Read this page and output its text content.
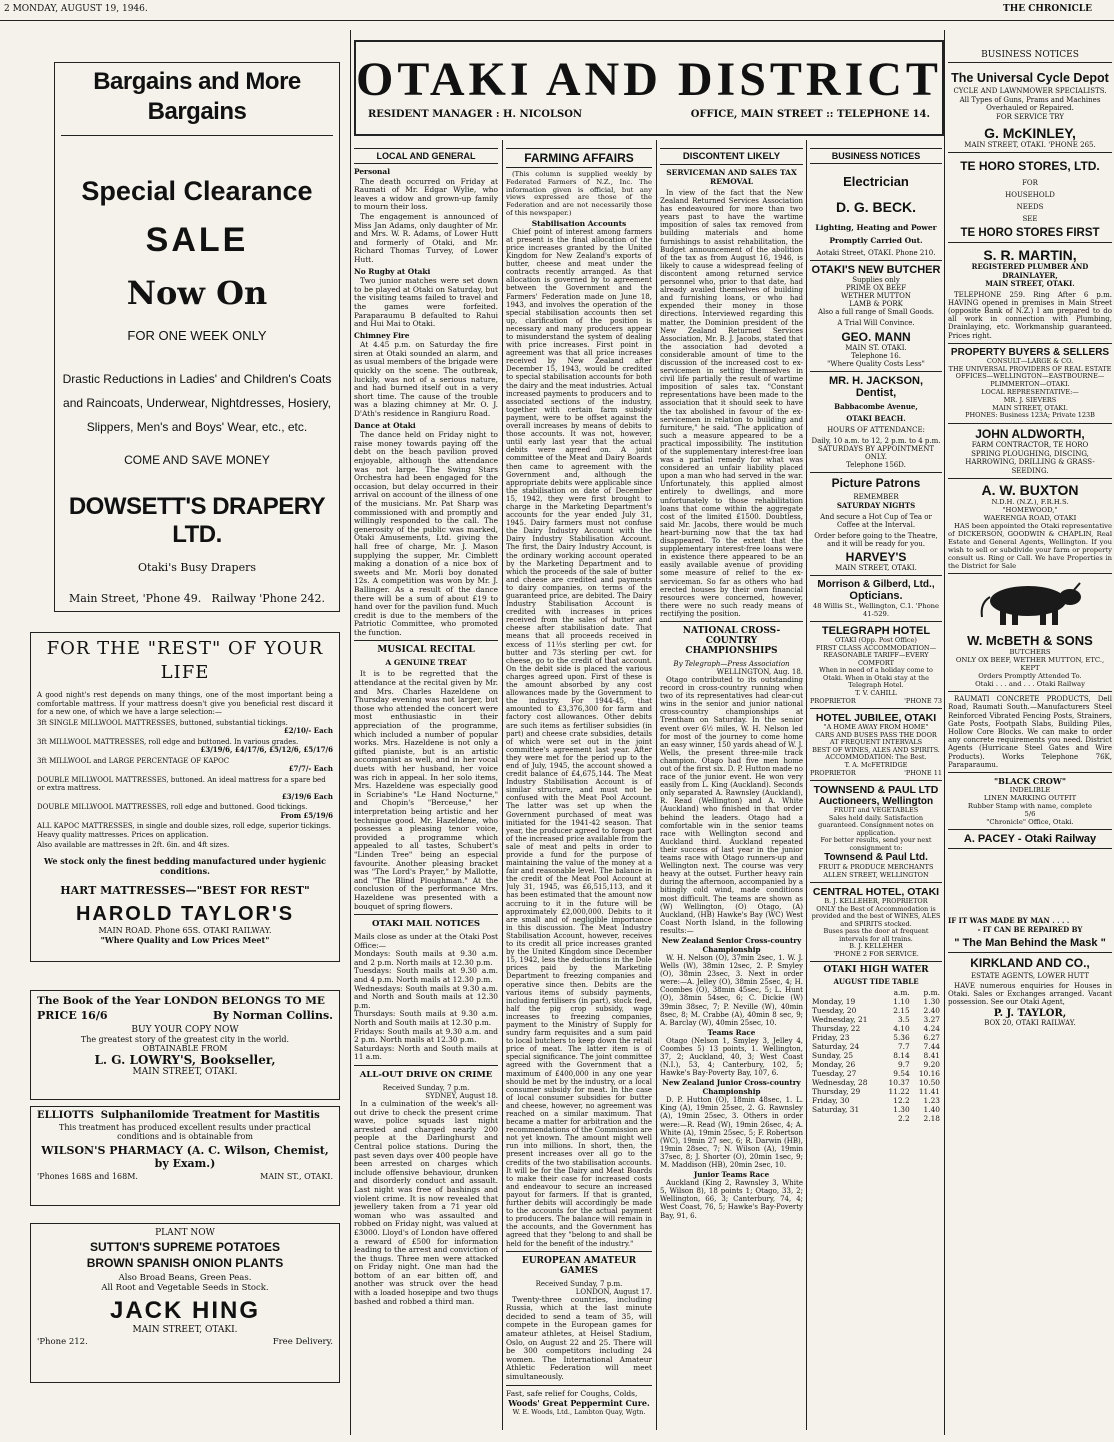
2 MONDAY, AUGUST 19, 1946.	THE CHRONICLE
Bargains and More Bargains
Special Clearance
SALE
Now On
FOR ONE WEEK ONLY
Drastic Reductions in Ladies' and Children's Coats and Raincoats, Underwear, Nightdresses, Hosiery, Slippers, Men's and Boys' Wear, etc., etc.
COME AND SAVE MONEY
DOWSETT'S DRAPERY LTD.
Otaki's Busy Drapers
Main Street, 'Phone 49. Railway 'Phone 242.
FOR THE "REST" OF YOUR LIFE
A good night's rest depends on many things, one of the most important being a comfortable mattress. If your mattress doesn't give you beneficial rest discard it for a new one, of which we have a large selection:—
3ft SINGLE MILLWOOL MATTRESSES, buttoned, substantial tickings.
£2/10/- Each
3ft MILLWOOL MATTRESSES, roll edge and buttoned. In various grades.
£3/19/6, £4/17/6, £5/12/6, £5/17/6
3ft MILLWOOL and LARGE PERCENTAGE OF KAPOC
£7/7/- Each
DOUBLE MILLWOOL MATTRESSES, buttoned. An ideal mattress for a spare bed or extra mattress.
£3/19/6 Each
DOUBLE MILLWOOL MATTRESSES, roll edge and buttoned. Good tickings.
From £5/19/6
ALL KAPOC MATTRESSES, in single and double sizes, roll edge, superior tickings. Heavy quality mattresses. Prices on application.
Also available are mattresses in 2ft. 6in. and 4ft sizes.
We stock only the finest bedding manufactured under hygienic conditions.
HART MATTRESSES—"BEST FOR REST"
HAROLD TAYLOR'S
MAIN ROAD. Phone 65S. OTAKI RAILWAY.
"Where Quality and Low Prices Meet"
The Book of the Year LONDON BELONGS TO ME
PRICE 16/6	By Norman Collins.
BUY YOUR COPY NOW
The greatest story of the greatest city in the world.
OBTAINABLE FROM
L. G. LOWRY'S, Bookseller,
MAIN STREET, OTAKI.
ELLIOTTS Sulphanilomide Treatment for Mastitis
This treatment has produced excellent results under practical conditions and is obtainable from
WILSON'S PHARMACY (A. C. Wilson, Chemist, by Exam.)
'Phones 168S and 168M.	MAIN ST., OTAKI.
PLANT NOW
SUTTON'S SUPREME POTATOES
BROWN SPANISH ONION PLANTS
Also Broad Beans, Green Peas.
All Root and Vegetable Seeds in Stock.
JACK HING
MAIN STREET, OTAKI.
'Phone 212.	Free Delivery.
OTAKI AND DISTRICT
RESIDENT MANAGER : H. NICOLSON	OFFICE, MAIN STREET :: TELEPHONE 14.
LOCAL AND GENERAL

Personal

The death occurred on Friday at Raumati of Mr. Edgar Wylie, who leaves a widow and grown-up family to mourn their loss.

The engagement is announced of Miss Jan Adams, only daughter of Mr. and Mrs. W. R. Adams, of Lower Hutt and formerly of Otaki, and Mr. Richard Thomas Turvey, of Lower Hutt.

No Rugby at Otaki

Two junior matches were set down to be played at Otaki on Saturday, but the visiting teams failed to travel and the games were forfeited. Paraparaumu B defaulted to Rahui and Hui Mai to Otaki.

Chimney Fire

At 4.45 p.m. on Saturday the fire siren at Otaki sounded an alarm, and as usual members of the brigade were quickly on the scene. The outbreak, luckily, was not of a serious nature, and had burned itself out in a very short time. The cause of the trouble was a blazing chimney at Mr. O. J. D'Ath's residence in Rangiuru Road.

Dance at Otaki

The dance held on Friday night to raise money towards paying off the debt on the beach pavilion proved enjoyable, although the attendance was not large. The Swing Stars Orchestra had been engaged for the occasion, but delay occurred in their arrival on account of the illness of one of the musicians. Mr. Pat Sharp was commissioned with and promptly and willingly responded to the call. The generosity of the public was marked, Otaki Amusements, Ltd. giving the hall free of charge, Mr. J. Mason supplying the supper, Mr. Cimblett making a donation of a nice box of sweets and Mr. Morli boy donated 12s. A competition was won by Mr. J. Ballinger. As a result of the dance there will be a sum of about £19 to hand over for the pavilion fund. Much credit is due to the members of the Patriotic Committee, who promoted the function.

MUSICAL RECITAL
A GENUINE TREAT

It is to be regretted that the attendance at the recital given by Mr. and Mrs. Charles Hazeldene on Thursday evening was not larger, but those who attended the concert were most enthusiastic in their appreciation of the programme, which included a number of popular works. Mrs. Hazeldene is not only a gifted pianiste, but is an artistic accompanist as well, and in her vocal duets with her husband, her voice was rich in appeal. In her solo items, Mrs. Hazeldene was especially good in Scriabine's "Le Hand Nocturne," and Chopin's "Berceuse," her interpretation being artistic and her technique good. Mr. Hazeldene, who possesses a pleasing tenor voice, provided a programme which appealed to all tastes, Schubert's "Linden Tree" being an especial favourite. Another pleasing bracket was "The Lord's Prayer," by Mallotte, and "The Blind Ploughman." At the conclusion of the performance Mrs. Hazeldene was presented with a bouquet of spring flowers.

OTAKI MAIL NOTICES
Mails close as under at the Otaki Post Office:—
Mondays: South mails at 9.30 a.m. and 2 p.m. North mails at 12.30 p.m.
Tuesdays: South mails at 9.30 a.m. and 4 p.m. North mails at 12.30 p.m.
Wednesdays: South mails at 9.30 a.m. and North and South mails at 12.30 p.m.
Thursdays: South mails at 9.30 a.m. North and South mails at 12.30 p.m.
Fridays: South mails at 9.30 a.m. and 2 p.m. North mails at 12.30 p.m.
Saturdays: North and South mails at 11 a.m.
ALL-OUT DRIVE ON CRIME
Received Sunday, 7 p.m.
SYDNEY, August 18.

In a culmination of the week's all-out drive to check the present crime wave, police squads last night arrested and charged nearly 200 people at the Darlinghurst and Central police stations. During the past seven days over 400 people have been arrested on charges which include offensive behaviour, drunken and disorderly conduct and assault. Last night was free of bashings and violent crime. It is now revealed that jewellery taken from a 71 year old woman who was assaulted and robbed on Friday night, was valued at £3000. Lloyd's of London have offered a reward of £500 for information leading to the arrest and conviction of the thugs. Three men were attacked on Friday night. One man had the bottom of an ear bitten off, and another was struck over the head with a loaded hosepipe and two thugs bashed and robbed a third man.

FARMING AFFAIRS

(This column is supplied weekly by Federated Farmers of N.Z., Inc. The information given is official, but any views expressed are those of the Federation and are not necessarily those of this newspaper.)

Stabilisation Accounts

Chief point of interest among farmers at present is the final allocation of the price increases granted by the United Kingdom for New Zealand's exports of butter, cheese and meat under the contracts recently arranged. As that allocation is governed by to agreement between the Government and the Farmers' Federation made on June 18, 1943, and involves the operation of the special stabilisation accounts then set up, clarification of the position is necessary and many producers appear to misunderstand the system of dealing with price increases. First point in agreement was that all price increases received by New Zealand after December 15, 1943, would be credited to special stabilisation accounts for both the dairy and the meat industries. Actual increased payments to producers and to associated sections of the industry, together with certain farm subsidy payment, were to be offset against the overall increases by means of debits to those accounts. It was not, however, until early last year that the actual debits were agreed on. A joint committee of the Meat and Dairy Boards then came to agreement with the Government and, although the appropriate debits were applicable since the stabilisation on date of December 15, 1942, they were first brought to charge in the Marketing Department's accounts for the year ended July 31, 1945. Dairy farmers must not confuse the Dairy Industry Account with the Dairy Industry Stabilisation Account. The first, the Dairy Industry Account, is the ordinary working account operated by the Marketing Department and to which the proceeds of the sale of butter and cheese are credited and payments to dairy companies, on terms of the guaranteed price, are debited. The Dairy Industry Stabilisation Account is credited with increases in prices received from the sales of butter and cheese after stabilisation date. That means that all proceeds received in excess of 11½s sterling per cwt. for butter and 73s sterling per cwt. for cheese, go to the credit of that account. On the debit side is placed the various charges agreed upon. First of these is the amount absorbed by any cost allowances made by the Government to the industry. For 1944-45, that amounted to £3,376,300 for farm and factory cost allowances. Other debits are such items as fertiliser subsidies (in part) and cheese crate subsidies, details of which were set out in the joint committee's agreement last year. After they were met for the period up to the end of July, 1945, the account showed a credit balance of £4,675,144. The Meat Industry Stabilisation Account is of similar structure, and must not be confused with the Meat Pool Account. The latter was set up when the Government purchased of meat was initiated for the 1941-42 season. That year, the producer agreed to forego part of the increased price available from the sale of meat and pelts in order to provide a fund for the purpose of maintaining the value of the money at a fair and reasonable level. The balance in the credit of the Meat Pool Account at July 31, 1945, was £6,515,113, and it has been estimated that the amount now accruing to it in the future will be approximately £2,000,000. Debits to it are small and of negligible importance in this discussion. The Meat Industry Stabilisation Account, however, receives to its credit all price increases granted by the United Kingdom since December 15, 1942, less the deductions in the Dole prices paid by the Marketing Department to freezing companies and operative since then. Debits are the various items of subsidy payments, including fertilisers (in part), stock feed, half the pig crop subsidy, wage increases to freezing companies, payment to the Ministry of Supply for sundry farm requisites and a sum paid to local butchers to keep down the retail price of meat. The latter item is of special significance. The joint committee agreed with the Government that a maximum of £400,000 in any one year should be met by the industry, or a local consumer subsidy for meat. In the case of local consumer subsidies for butter and cheese, however, no agreement was reached on a similar maximum. That became a matter for arbitration and the recommendations of the Commission are not yet known. The amount might well run into millions. In short, then, the present increases over all go to the credits of the two stabilisation accounts. It will be for the Dairy and Meat Boards to make their case for increased costs and endeavour to secure an increased payout for farmers. If that is granted, further debits will accordingly be made to the accounts for the actual payment to producers. The balance will remain in the accounts, and the Government has agreed that they "belong to and shall be held for the benefit of the industry."

EUROPEAN AMATEUR GAMES
Received Sunday, 7 p.m.
LONDON, August 17.

Twenty-three countries, including Russia, which at the last minute decided to send a team of 35, will compete in the European games for amateur athletes, at Heisel Stadium, Oslo, on August 22 and 25. There will be 300 competitors including 24 women. The International Amateur Athletic Federation will meet simultaneously.

Fast, safe relief for Coughs, Colds,
Woods' Great Peppermint Cure.
W. E. Woods, Ltd., Lambton Quay, Wgtn.
DISCONTENT LIKELY
SERVICEMAN AND SALES TAX REMOVAL

In view of the fact that the New Zealand Returned Services Association has endeavoured for more than two years past to have the wartime imposition of sales tax removed from building materials and home furnishings to assist rehabilitation, the Budget announcement of the abolition of the tax as from August 16, 1946, is likely to cause a widespread feeling of discontent among returned service personnel who, prior to that date, had already availed themselves of building and furnishing loans, or who had expended their money in those directions. Interviewed regarding this matter, the Dominion president of the New Zealand Returned Services Association, Mr. B. J. Jacobs, stated that the association had devoted a considerable amount of time to the discussion of the increased cost to ex-servicemen in setting themselves in civil life partially the result of wartime imposition of sales tax. "Constant representations have been made to the association that it should seek to have the tax abolished in favour of the ex-servicemen in relation to building and furniture," he said. "The application of such a measure appeared to be a practical impossibility. The institution of the supplementary interest-free loan was a partial remedy for what was considered an unfair liability placed upon a man who had served in the war. Unfortunately, this applied almost entirely to dwellings, and more unfortunately to those rehabilitation loans that come within the aggregate cost of the limited £1500. Doubtless, said Mr. Jacobs, there would be much heart-burning now that the tax had disappeared. To the extent that the supplementary interest-free loans were in existence there appeared to be an easily available avenue of providing some measure of relief to the ex-serviceman. So far as others who had erected houses by their own financial resources were concerned, however, there were no such ready means of rectifying the position.

NATIONAL CROSS-COUNTRY CHAMPIONSHIPS
By Telegraph—Press Association
WELLINGTON, Aug. 18.

Otago contributed to its outstanding record in cross-country running when two of its representatives had clear-cut wins in the senior and junior national cross-country championships at Trentham on Saturday. In the senior event over 6½ miles, W. H. Nelson led for most of the journey to come home an easy winner, 150 yards ahead of W. J. Wells, the present three-mile track champion. Otago had five men home out of the first six. D. P. Hutton made no race of the junior event. He won very easily from L. King (Auckland). Seconds only separated A. Rawnsley (Auckland), R. Read (Wellington) and A. White (Auckland) who finished in that order behind the leaders. Otago had a comfortable win in the senior teams race with Wellington second and Auckland third. Auckland repeated their success of last year in the junior teams race with Otago runners-up and Wellington next. The course was very heavy at the outset. Further heavy rain during the afternoon, accompanied by a bitingly cold wind, made conditions most difficult. The teams are shown as (W) Wellington, (O) Otago, (A) Auckland, (HB) Hawke's Bay (WC) West Coast North Island, in the following results:—

New Zealand Senior Cross-country Championship

W. H. Nelson (O), 37min 2sec, 1. W. J. Wells (W), 38min 12sec, 2. P. Smyley (O), 38min 23sec, 3. Next in order were:—A. Jelley (O), 38min 25sec, 4; H. Coombes (O), 38min 45sec, 5; L. Hunt (O), 38min 54sec, 6; C. Dickie (W) 39min 38sec, 7; P. Neville (W), 40min 8sec, 8; M. Crabbe (A), 40min 8 sec, 9; A. Barclay (W), 40min 25sec, 10.

Teams Race

Otago (Nelson 1, Smyley 3, Jelley 4, Coombes 5) 13 points, 1. Wellington, 37, 2; Auckland, 40, 3; West Coast (N.I.), 53, 4; Canterbury, 102, 5; Hawke's Bay-Poverty Bay, 107, 6.

New Zealand Junior Cross-country Championship

D. P. Hutton (O), 18min 48sec, 1. L. King (A), 19min 25sec, 2. G. Rawnsley (A), 19min 25sec, 3. Others in order were:—R. Read (W), 19min 26sec, 4; A. White (A), 19min 25sec, 5; F. Robertson (WC), 19min 27 sec, 6; R. Darwin (HB), 19min 28sec, 7; N. Wilson (A), 19min 37sec, 8; J. Shorter (O), 20min 1sec, 9; M. Maddison (HB), 20min 2sec, 10.

Junior Teams Race

Auckland (King 2, Rawnsley 3, White 5, Wilson 8), 18 points 1; Otago, 33, 2; Wellington, 66, 3; Canterbury, 74, 4; West Coast, 76, 5; Hawke's Bay-Poverty Bay, 91, 6.

BUSINESS NOTICES
Electrician
D. G. BECK.
Lighting, Heating and Power
Promptly Carried Out.
Aotaki Street, OTAKI. Phone 210.
OTAKI'S NEW BUTCHER
Supplies only
PRIME OX BEEF
WETHER MUTTON
LAMB & PORK
Also a full range of Small Goods.
A Trial Will Convince.
GEO. MANN
MAIN ST. OTAKI.
Telephone 16.
"Where Quality Costs Less"
MR. H. JACKSON,
Dentist,
Babbacombe Avenue,
OTAKI BEACH.
HOURS OF ATTENDANCE:
Daily, 10 a.m. to 12, 2 p.m. to 4 p.m.
SATURDAYS BY APPOINTMENT ONLY.
Telephone 156D.
Picture Patrons
REMEMBER
SATURDAY NIGHTS
And secure a Hot Cup of Tea or Coffee at the Interval.
Order before going to the Theatre, and it will be ready for you.
HARVEY'S
MAIN STREET, OTAKI.
Morrison & Gilberd, Ltd.,
Opticians.
48 Willis St., Wellington, C.1. 'Phone 41-529.
TELEGRAPH HOTEL
OTAKI (Opp. Post Office)
FIRST CLASS ACCOMMODATION—REASONABLE TARIFF—EVERY COMFORT
When in need of a holiday come to Otaki. When in Otaki stay at the Telegraph Hotel.
T. V. CAHILL
PROPRIETOR	'PHONE 73
HOTEL JUBILEE, OTAKI
"A HOME AWAY FROM HOME"
CARS AND BUSES PASS THE DOOR AT FREQUENT INTERVALS
BEST OF WINES, ALES AND SPIRITS.
ACCOMMODATION: The Best.
T. A. McFETRIDGE
PROPRIETOR	'PHONE 11
TOWNSEND & PAUL LTD
Auctioneers, Wellington
FRUIT and VEGETABLES
Sales held daily. Satisfaction guaranteed. Consignment notes on application.
For better results, send your next consignment to:
Townsend & Paul Ltd.
FRUIT & PRODUCE MERCHANTS
ALLEN STREET, WELLINGTON
CENTRAL HOTEL, OTAKI
B. J. KELLEHER, PROPRIETOR
ONLY the Best of Accommodation is provided and the best of WINES, ALES and SPIRITS stocked.
Buses pass the door at frequent intervals for all trains.
B. J. KELLEHER
'PHONE 2 FOR SERVICE.
OTAKI HIGH WATER
AUGUST TIDE TABLE
	a.m.	p.m.
Monday, 19	1.10	1.30
Tuesday, 20	2.15	2.40
Wednesday, 21	3.5	3.27
Thursday, 22	4.10	4.24
Friday, 23	5.36	6.27
Saturday, 24	7.7	7.44
Sunday, 25	8.14	8.41
Monday, 26	9.7	9.20
Tuesday, 27	9.54	10.16
Wednesday, 28	10.37	10.50
Thursday, 29	11.22	11.41
Friday, 30	12.2	1.23
Saturday, 31	1.30	1.40
	2.2	2.18
BUSINESS NOTICES
The Universal Cycle Depot
CYCLE AND LAWNMOWER SPECIALISTS.
All Types of Guns, Prams and Machines Overhauled or Repaired.
FOR SERVICE TRY
G. McKINLEY,
MAIN STREET, OTAKI. 'PHONE 265.
TE HORO STORES, LTD.
FOR
HOUSEHOLD
NEEDS
SEE
TE HORO STORES FIRST
S. R. MARTIN,
REGISTERED PLUMBER AND DRAINLAYER,
MAIN STREET, OTAKI.

TELEPHONE 259. Ring After 6 p.m. HAVING opened in premises in Main Street (opposite Bank of N.Z.) I am prepared to do all work in connection with Plumbing, Drainlaying, etc. Workmanship guaranteed. Prices right.

PROPERTY BUYERS & SELLERS
CONSULT—LARGE & CO.
THE UNIVERSAL PROVIDERS OF REAL ESTATE
OFFICES—WELLINGTON—EASTBOURNE—PLIMMERTON—OTAKI.
LOCAL REPRESENTATIVE:—
MR. J. SIEVERS
MAIN STREET, OTAKI.
PHONES: Business 123A; Private 123B
JOHN ALDWORTH,
FARM CONTRACTOR, TE HORO
SPRING PLOUGHING, DISCING, HARROWING, DRILLING & GRASS-SEEDING.
A. W. BUXTON
N.D.H. (N.Z.), F.R.H.S.
"HOMEWOOD,"
WAERENGA ROAD, OTAKI

HAS been appointed the Otaki representative of DICKERSON, GOODWIN & CHAPLIN, Real Estate and General Agents, Wellington. If you wish to sell or subdivide your farm or property consult us. Ring or Call. We have Properties in the District for Sale

W. McBETH & SONS
BUTCHERS
ONLY OX BEEF, WETHER MUTTON, ETC., KEPT
Orders Promptly Attended To.
Otaki . . . and . . . Otaki Railway

RAUMATI CONCRETE PRODUCTS, Dell Road, Raumati South.—Manufacturers Steel Reinforced Vibrated Fencing Posts, Strainers, Gate Posts, Footpath Slabs, Building Piles, Hollow Core Blocks. We can make to order any concrete requirements you need. District Agents (Hurricane Steel Gates and Wire Products). Works Telephone 76K, Paraparaumu.

"BLACK CROW"
INDELIBLE
LINEN MARKING OUTFIT
Rubber Stamp with name, complete
5/6
"Chronicle" Office, Otaki.
A. PACEY - Otaki Railway
IF IT WAS MADE BY MAN . . . .
- IT CAN BE REPAIRED BY
" The Man Behind the Mask "
KIRKLAND AND CO.,
ESTATE AGENTS, LOWER HUTT

HAVE numerous enquiries for Houses in Otaki. Sales or Exchanges arranged. Vacant possession. See our Otaki Agent,

P. J. TAYLOR,
BOX 20, OTAKI RAILWAY.
